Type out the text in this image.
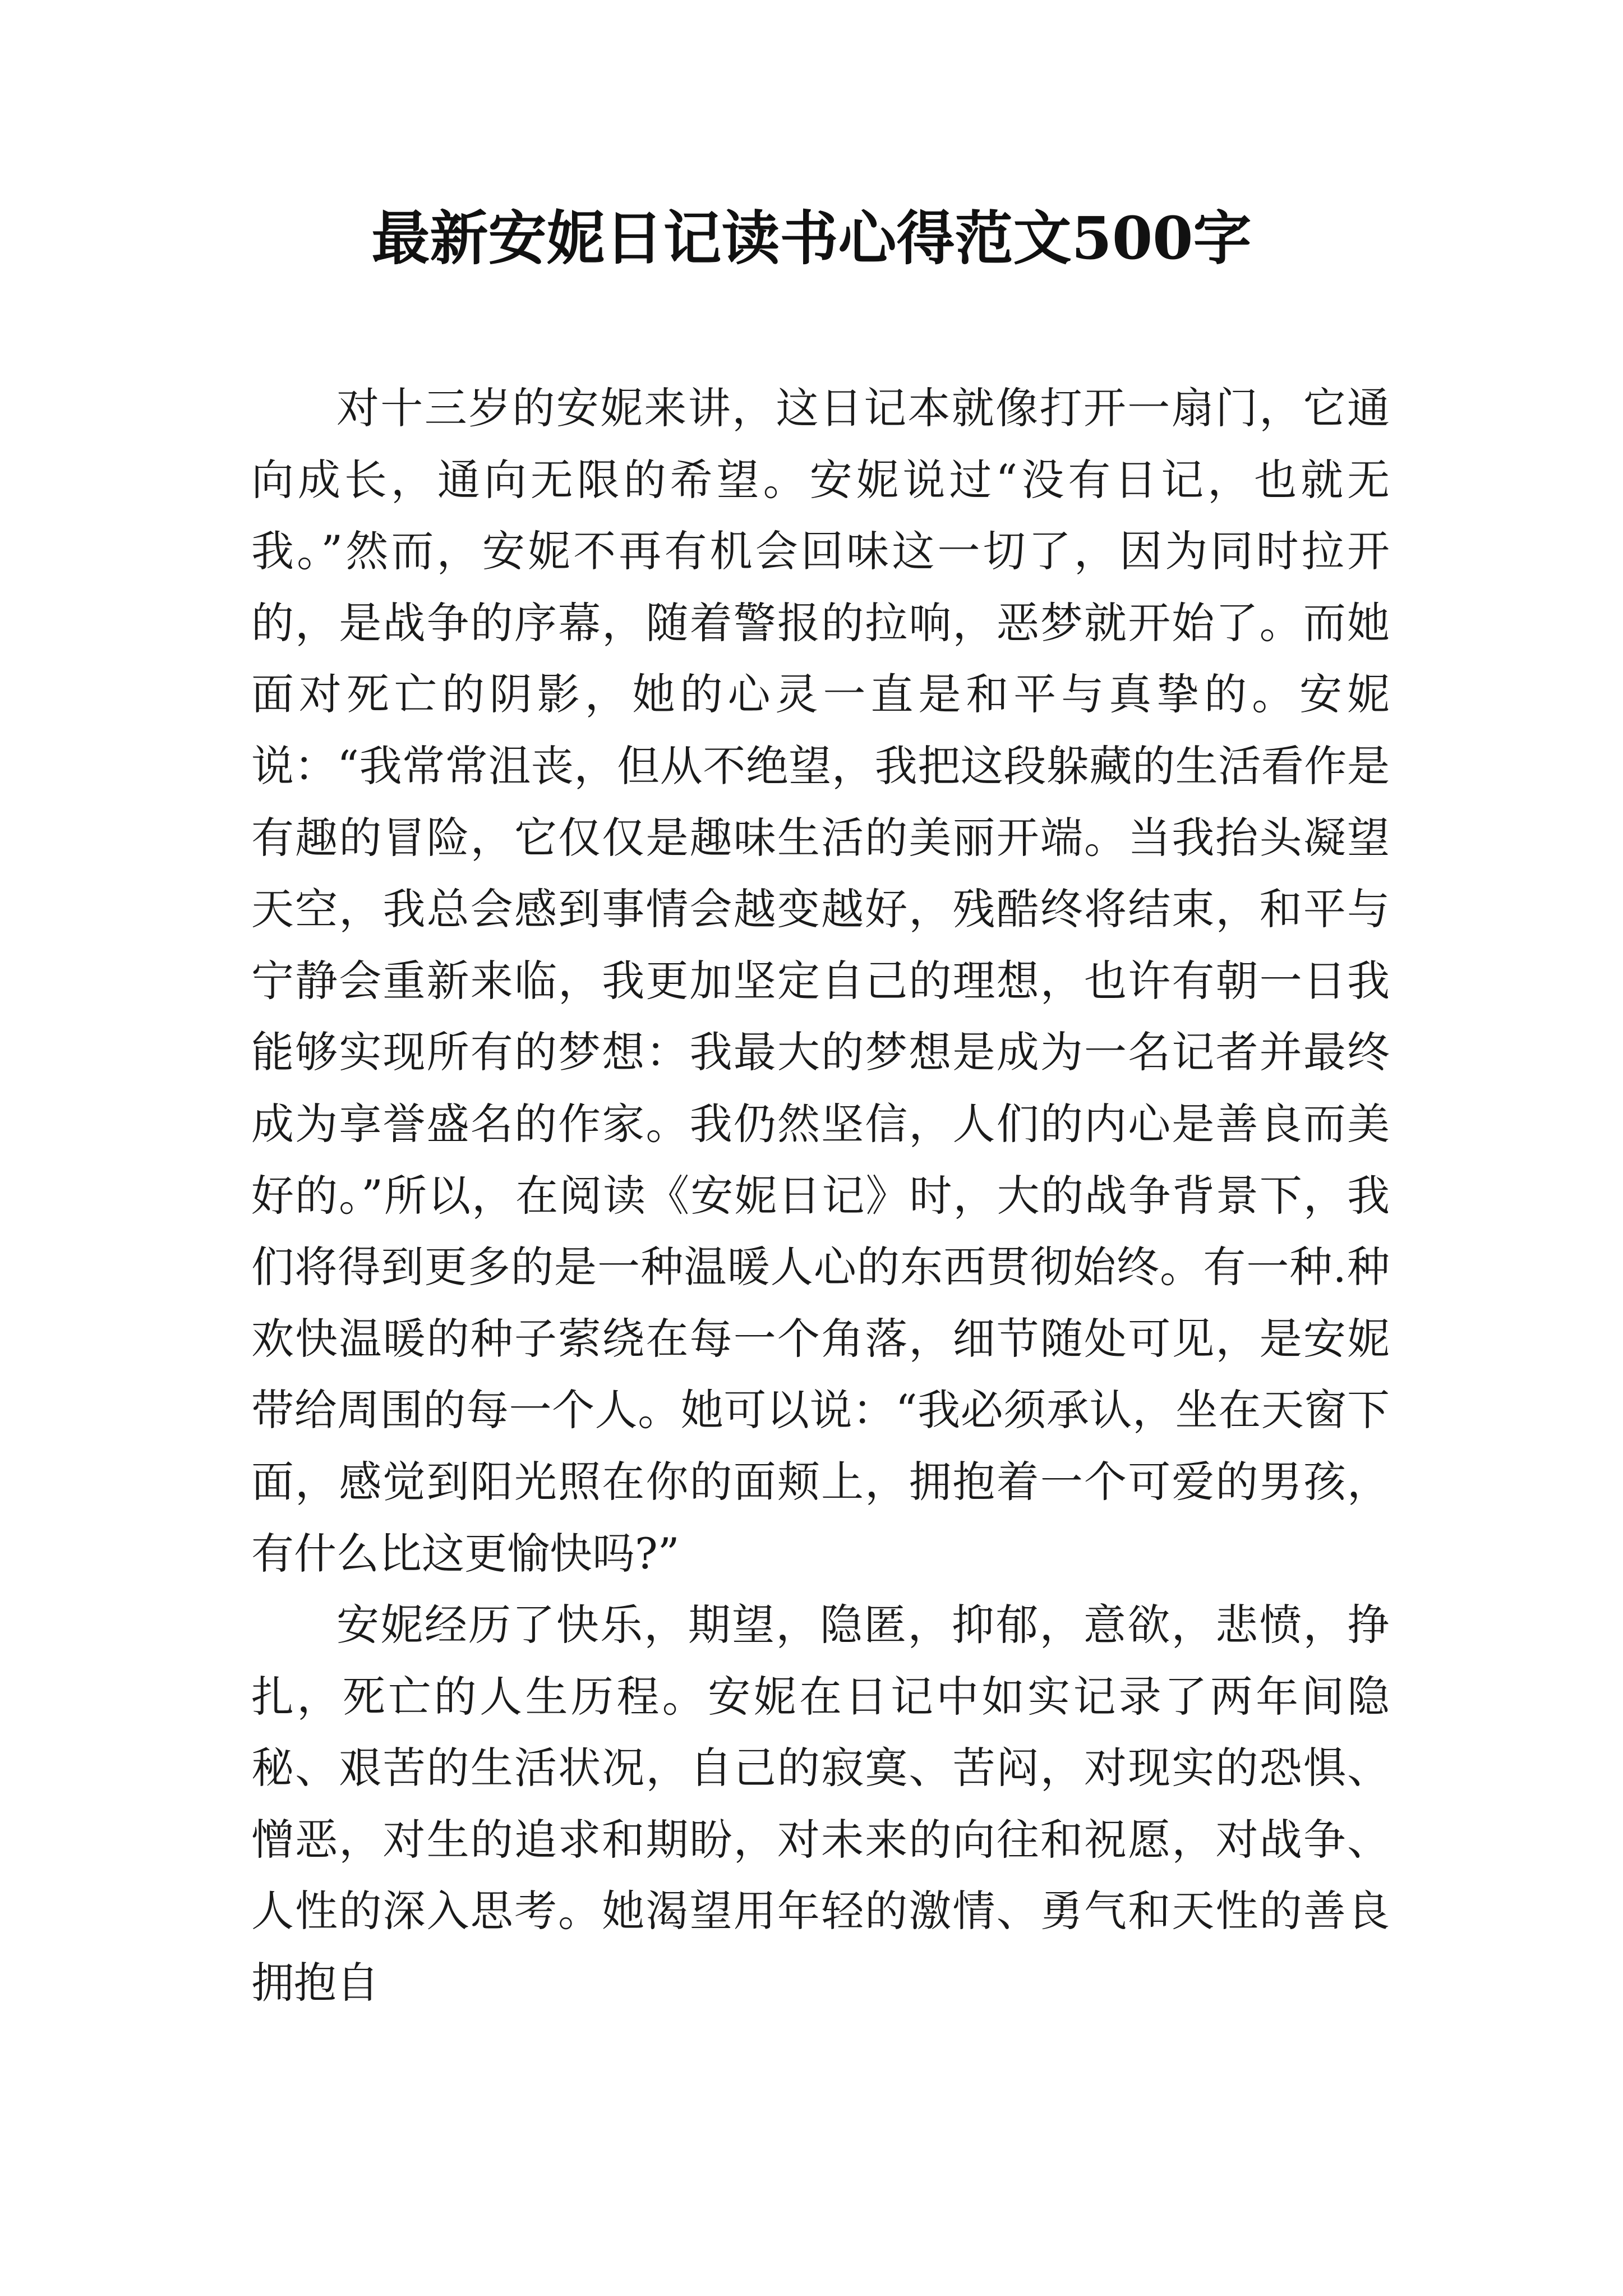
最新安妮日记读书心得范文500字

对十三岁的安妮来讲，这日记本就像打开一扇门，它通向成长，通向无限的希望。安妮说过“没有日记，也就无我。”然而，安妮不再有机会回味这一切了，因为同时拉开的，是战争的序幕，随着警报的拉响，恶梦就开始了。而她面对死亡的阴影，她的心灵一直是和平与真挚的。安妮说：“我常常沮丧，但从不绝望，我把这段躲藏的生活看作是有趣的冒险，它仅仅是趣味生活的美丽开端。当我抬头凝望天空，我总会感到事情会越变越好，残酷终将结束，和平与宁静会重新来临，我更加坚定自己的理想，也许有朝一日我能够实现所有的梦想：我最大的梦想是成为一名记者并最终成为享誉盛名的作家。我仍然坚信，人们的内心是善良而美好的。”所以，在阅读《安妮日记》时，大的战争背景下，我们将得到更多的是一种温暖人心的东西贯彻始终。有一种.种欢快温暖的种子萦绕在每一个角落，细节随处可见，是安妮带给周围的每一个人。她可以说：“我必须承认，坐在天窗下面，感觉到阳光照在你的面颊上，拥抱着一个可爱的男孩，有什么比这更愉快吗?”

安妮经历了快乐，期望，隐匿，抑郁，意欲，悲愤，挣扎，死亡的人生历程。安妮在日记中如实记录了两年间隐秘、艰苦的生活状况，自己的寂寞、苦闷，对现实的恐惧、憎恶，对生的追求和期盼，对未来的向往和祝愿，对战争、人性的深入思考。她渴望用年轻的激情、勇气和天性的善良拥抱自
